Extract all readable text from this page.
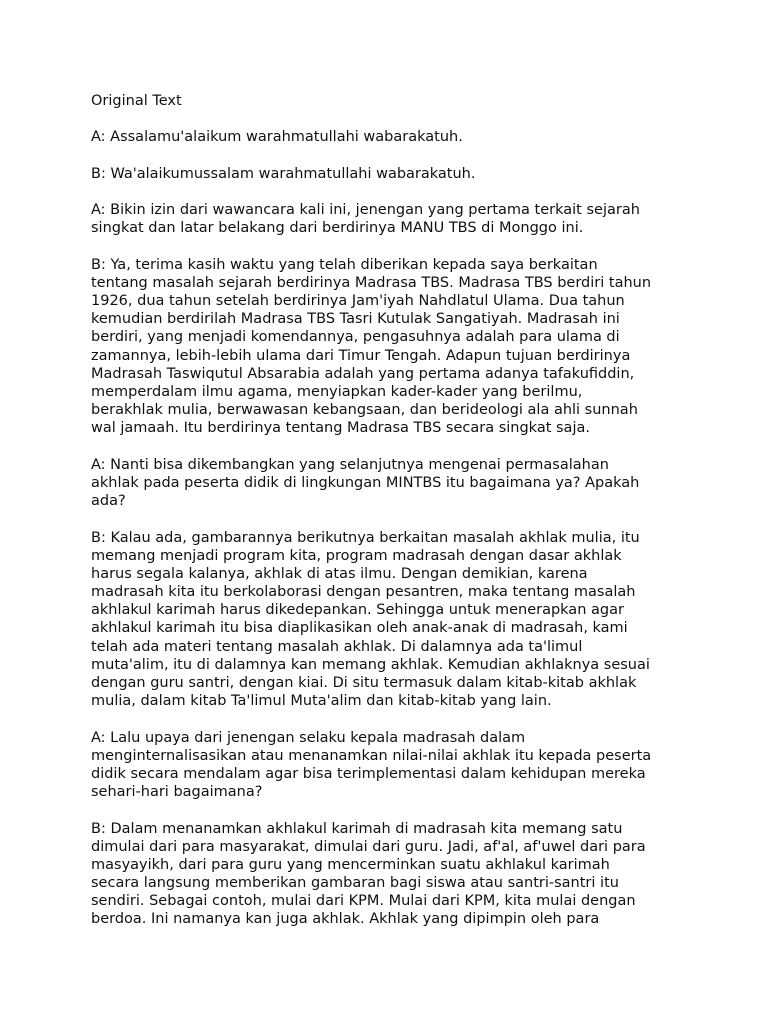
Original Text
A: Assalamu'alaikum warahmatullahi wabarakatuh.
B: Wa'alaikumussalam warahmatullahi wabarakatuh.
A: Bikin izin dari wawancara kali ini, jenengan yang pertama terkait sejarah
singkat dan latar belakang dari berdirinya MANU TBS di Monggo ini.
B: Ya, terima kasih waktu yang telah diberikan kepada saya berkaitan
tentang masalah sejarah berdirinya Madrasa TBS. Madrasa TBS berdiri tahun
1926, dua tahun setelah berdirinya Jam'iyah Nahdlatul Ulama. Dua tahun
kemudian berdirilah Madrasa TBS Tasri Kutulak Sangatiyah. Madrasah ini
berdiri, yang menjadi komendannya, pengasuhnya adalah para ulama di
zamannya, lebih-lebih ulama dari Timur Tengah. Adapun tujuan berdirinya
Madrasah Taswiqutul Absarabia adalah yang pertama adanya tafakufiddin,
memperdalam ilmu agama, menyiapkan kader-kader yang berilmu,
berakhlak mulia, berwawasan kebangsaan, dan berideologi ala ahli sunnah
wal jamaah. Itu berdirinya tentang Madrasa TBS secara singkat saja.
A: Nanti bisa dikembangkan yang selanjutnya mengenai permasalahan
akhlak pada peserta didik di lingkungan MINTBS itu bagaimana ya? Apakah
ada?
B: Kalau ada, gambarannya berikutnya berkaitan masalah akhlak mulia, itu
memang menjadi program kita, program madrasah dengan dasar akhlak
harus segala kalanya, akhlak di atas ilmu. Dengan demikian, karena
madrasah kita itu berkolaborasi dengan pesantren, maka tentang masalah
akhlakul karimah harus dikedepankan. Sehingga untuk menerapkan agar
akhlakul karimah itu bisa diaplikasikan oleh anak-anak di madrasah, kami
telah ada materi tentang masalah akhlak. Di dalamnya ada ta'limul
muta'alim, itu di dalamnya kan memang akhlak. Kemudian akhlaknya sesuai
dengan guru santri, dengan kiai. Di situ termasuk dalam kitab-kitab akhlak
mulia, dalam kitab Ta'limul Muta'alim dan kitab-kitab yang lain.
A: Lalu upaya dari jenengan selaku kepala madrasah dalam
menginternalisasikan atau menanamkan nilai-nilai akhlak itu kepada peserta
didik secara mendalam agar bisa terimplementasi dalam kehidupan mereka
sehari-hari bagaimana?
B: Dalam menanamkan akhlakul karimah di madrasah kita memang satu
dimulai dari para masyarakat, dimulai dari guru. Jadi, af'al, af'uwel dari para
masyayikh, dari para guru yang mencerminkan suatu akhlakul karimah
secara langsung memberikan gambaran bagi siswa atau santri-santri itu
sendiri. Sebagai contoh, mulai dari KPM. Mulai dari KPM, kita mulai dengan
berdoa. Ini namanya kan juga akhlak. Akhlak yang dipimpin oleh para
